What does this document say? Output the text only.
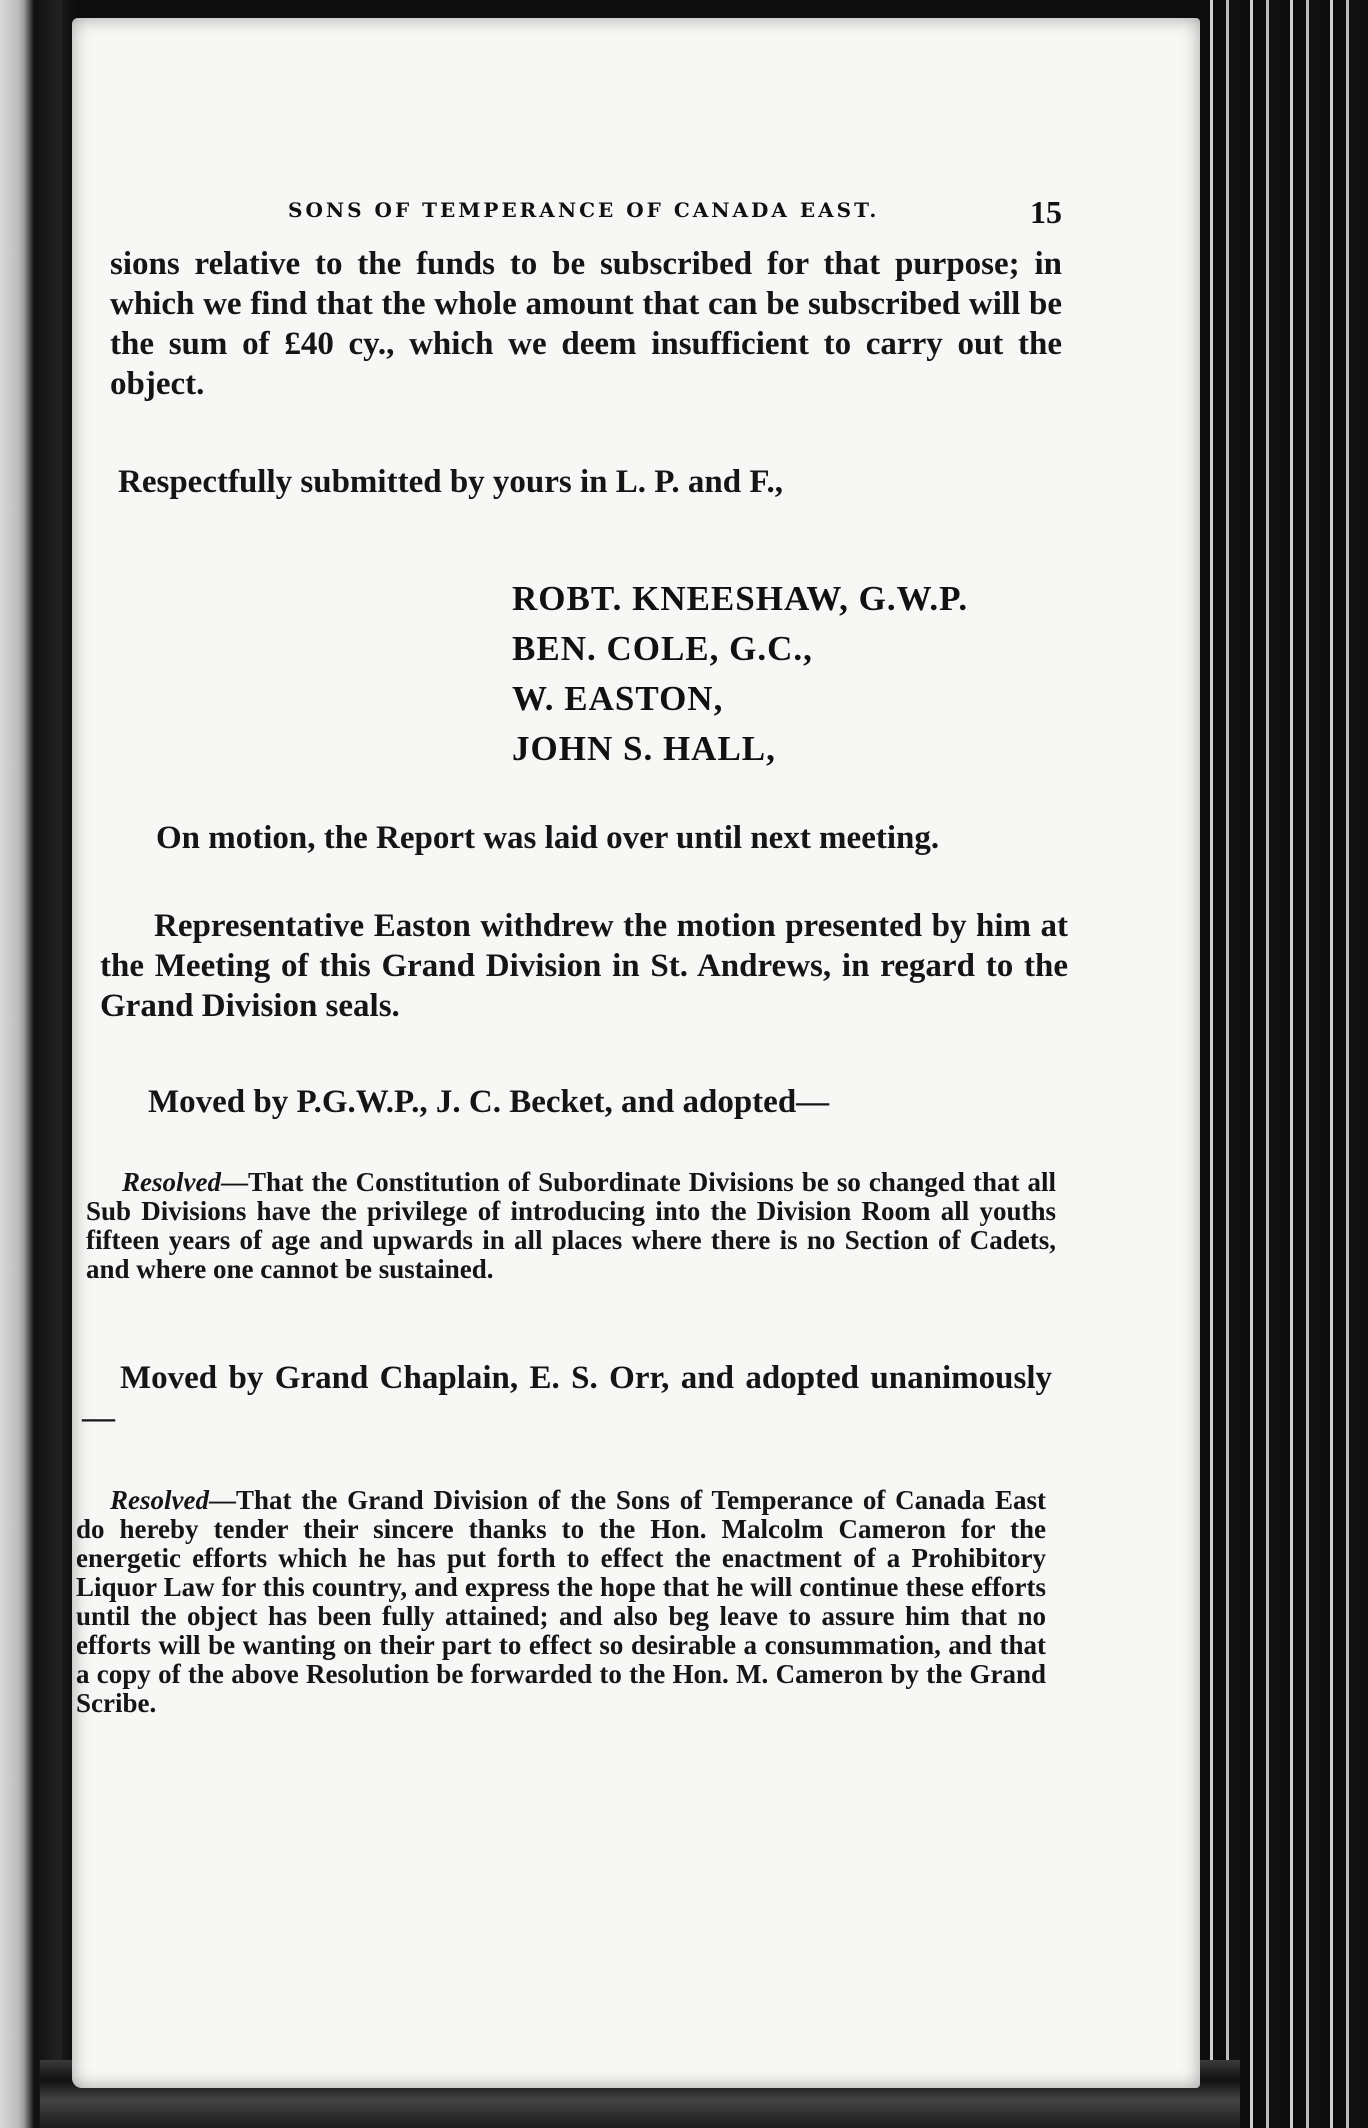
SONS OF TEMPERANCE OF CANADA EAST.	15
sions relative to the funds to be subscribed for that purpose; in which we find that the whole amount that can be subscribed will be the sum of £40 cy., which we deem insufficient to carry out the object.
Respectfully submitted by yours in L. P. and F.,
ROBT. KNEESHAW, G.W.P.
BEN. COLE, G.C.,
W. EASTON,
JOHN S. HALL,
On motion, the Report was laid over until next meeting.
Representative Easton withdrew the motion presented by him at the Meeting of this Grand Division in St. Andrews, in regard to the Grand Division seals.
Moved by P.G.W.P., J. C. Becket, and adopted—
Resolved—That the Constitution of Subordinate Divisions be so changed that all Sub Divisions have the privilege of introducing into the Division Room all youths fifteen years of age and upwards in all places where there is no Section of Cadets, and where one cannot be sustained.
Moved by Grand Chaplain, E. S. Orr, and adopted unanimously—
Resolved—That the Grand Division of the Sons of Temperance of Canada East do hereby tender their sincere thanks to the Hon. Malcolm Cameron for the energetic efforts which he has put forth to effect the enactment of a Prohibitory Liquor Law for this country, and express the hope that he will continue these efforts until the object has been fully attained; and also beg leave to assure him that no efforts will be wanting on their part to effect so desirable a consummation, and that a copy of the above Resolution be forwarded to the Hon. M. Cameron by the Grand Scribe.
